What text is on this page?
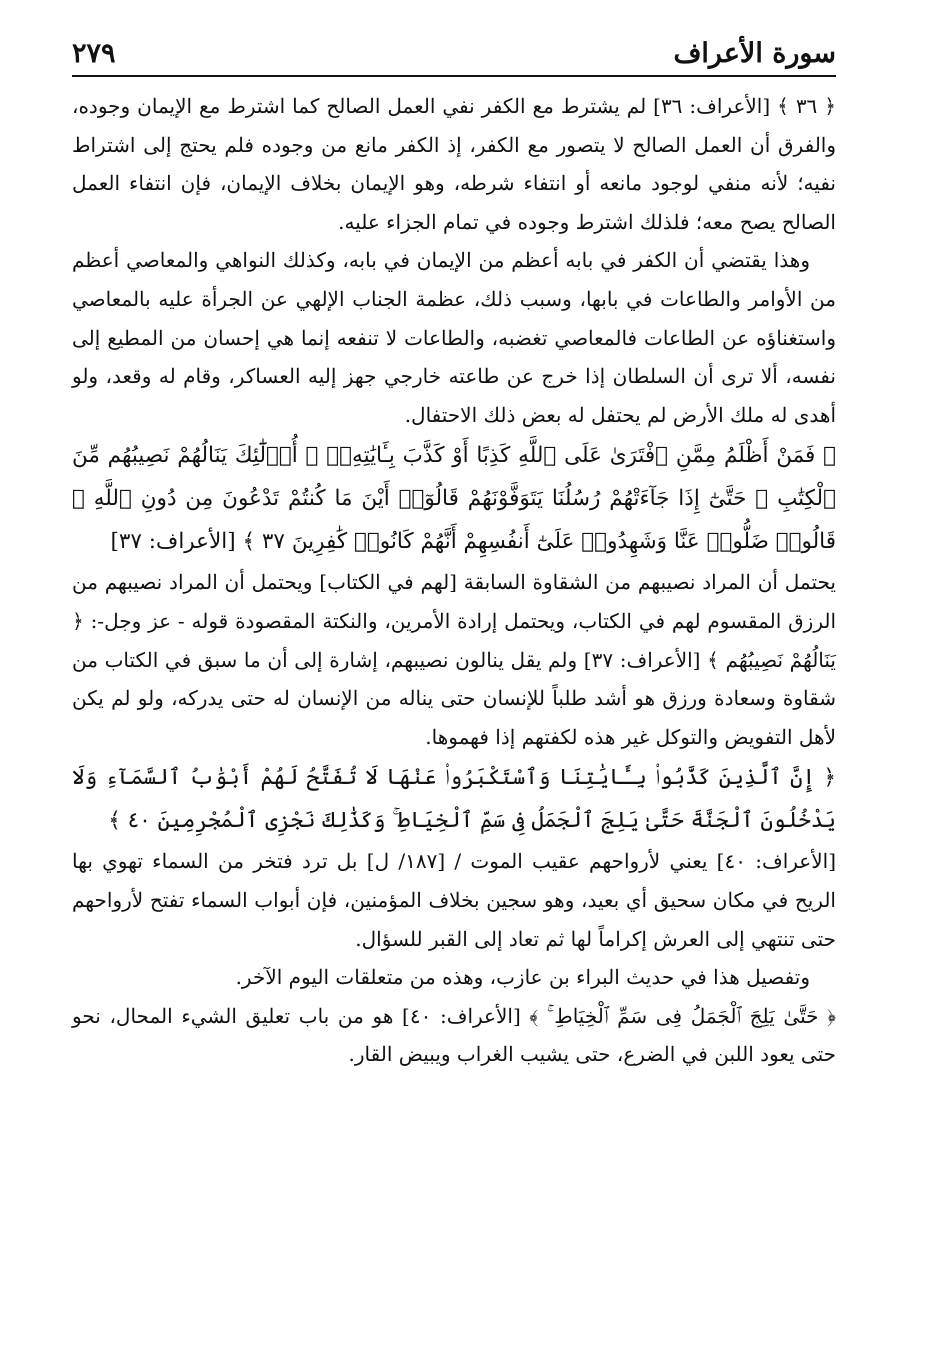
سورة الأعراف
٢٧٩

﴿ ٣٦ ﴾ [الأعراف: ٣٦] لم يشترط مع الكفر نفي العمل الصالح كما اشترط مع الإيمان وجوده، والفرق أن العمل الصالح لا يتصور مع الكفر، إذ الكفر مانع من وجوده فلم يحتج إلى اشتراط نفيه؛ لأنه منفي لوجود مانعه أو انتفاء شرطه، وهو الإيمان بخلاف الإيمان، فإن انتفاء العمل الصالح يصح معه؛ فلذلك اشترط وجوده في تمام الجزاء عليه.

وهذا يقتضي أن الكفر في بابه أعظم من الإيمان في بابه، وكذلك النواهي والمعاصي أعظم من الأوامر والطاعات في بابها، وسبب ذلك، عظمة الجناب الإلهي عن الجرأة عليه بالمعاصي واستغناؤه عن الطاعات فالمعاصي تغضبه، والطاعات لا تنفعه إنما هي إحسان من المطيع إلى نفسه، ألا ترى أن السلطان إذا خرج عن طاعته خارجي جهز إليه العساكر، وقام له وقعد، ولو أهدى له ملك الأرض لم يحتفل له بعض ذلك الاحتفال.

﴿ فَمَنْ أَظْلَمُ مِمَّنِ ٱفْتَرَىٰ عَلَى ٱللَّهِ كَذِبًا أَوْ كَذَّبَ بِـَٔايَٰتِهِۦٓ ۚ أُو۟لَٰٓئِكَ يَنَالُهُمْ نَصِيبُهُم مِّنَ ٱلْكِتَٰبِ ۖ حَتَّىٰٓ إِذَا جَآءَتْهُمْ رُسُلُنَا يَتَوَفَّوْنَهُمْ قَالُوٓا۟ أَيْنَ مَا كُنتُمْ تَدْعُونَ مِن دُونِ ٱللَّهِ ۖ قَالُوا۟ ضَلُّوا۟ عَنَّا وَشَهِدُوا۟ عَلَىٰٓ أَنفُسِهِمْ أَنَّهُمْ كَانُوا۟ كَٰفِرِينَ ٣٧ ﴾ [الأعراف: ٣٧]

يحتمل أن المراد نصيبهم من الشقاوة السابقة [لهم في الكتاب] ويحتمل أن المراد نصيبهم من الرزق المقسوم لهم في الكتاب، ويحتمل إرادة الأمرين، والنكتة المقصودة قوله - عز وجل-: ﴿ يَنَالُهُمْ نَصِيبُهُم ﴾ [الأعراف: ٣٧] ولم يقل ينالون نصيبهم، إشارة إلى أن ما سبق في الكتاب من شقاوة وسعادة ورزق هو أشد طلباً للإنسان حتى يناله من الإنسان له حتى يدركه، ولو لم يكن لأهل التفويض والتوكل غير هذه لكفتهم إذا فهموها.

﴿ إِنَّ ٱلَّذِينَ كَذَّبُوا۟ بِـَٔايَٰتِنَا وَٱسْتَكْبَرُوا۟ عَنْهَا لَا تُفَتَّحُ لَهُمْ أَبْوَٰبُ ٱلسَّمَآءِ وَلَا يَدْخُلُونَ ٱلْجَنَّةَ حَتَّىٰ يَلِجَ ٱلْجَمَلُ فِى سَمِّ ٱلْخِيَاطِ ۚ وَكَذَٰلِكَ نَجْزِى ٱلْمُجْرِمِينَ ٤٠ ﴾

[الأعراف: ٤٠] يعني لأرواحهم عقيب الموت / [١٨٧/ ل] بل ترد فتخر من السماء تهوي بها الريح في مكان سحيق أي بعيد، وهو سجين بخلاف المؤمنين، فإن أبواب السماء تفتح لأرواحهم حتى تنتهي إلى العرش إكراماً لها ثم تعاد إلى القبر للسؤال.

وتفصيل هذا في حديث البراء بن عازب، وهذه من متعلقات اليوم الآخر.

﴿ حَتَّىٰ يَلِجَ ٱلْجَمَلُ فِى سَمِّ ٱلْخِيَاطِ ۚ ﴾ [الأعراف: ٤٠] هو من باب تعليق الشيء المحال، نحو حتى يعود اللبن في الضرع، حتى يشيب الغراب ويبيض القار.
